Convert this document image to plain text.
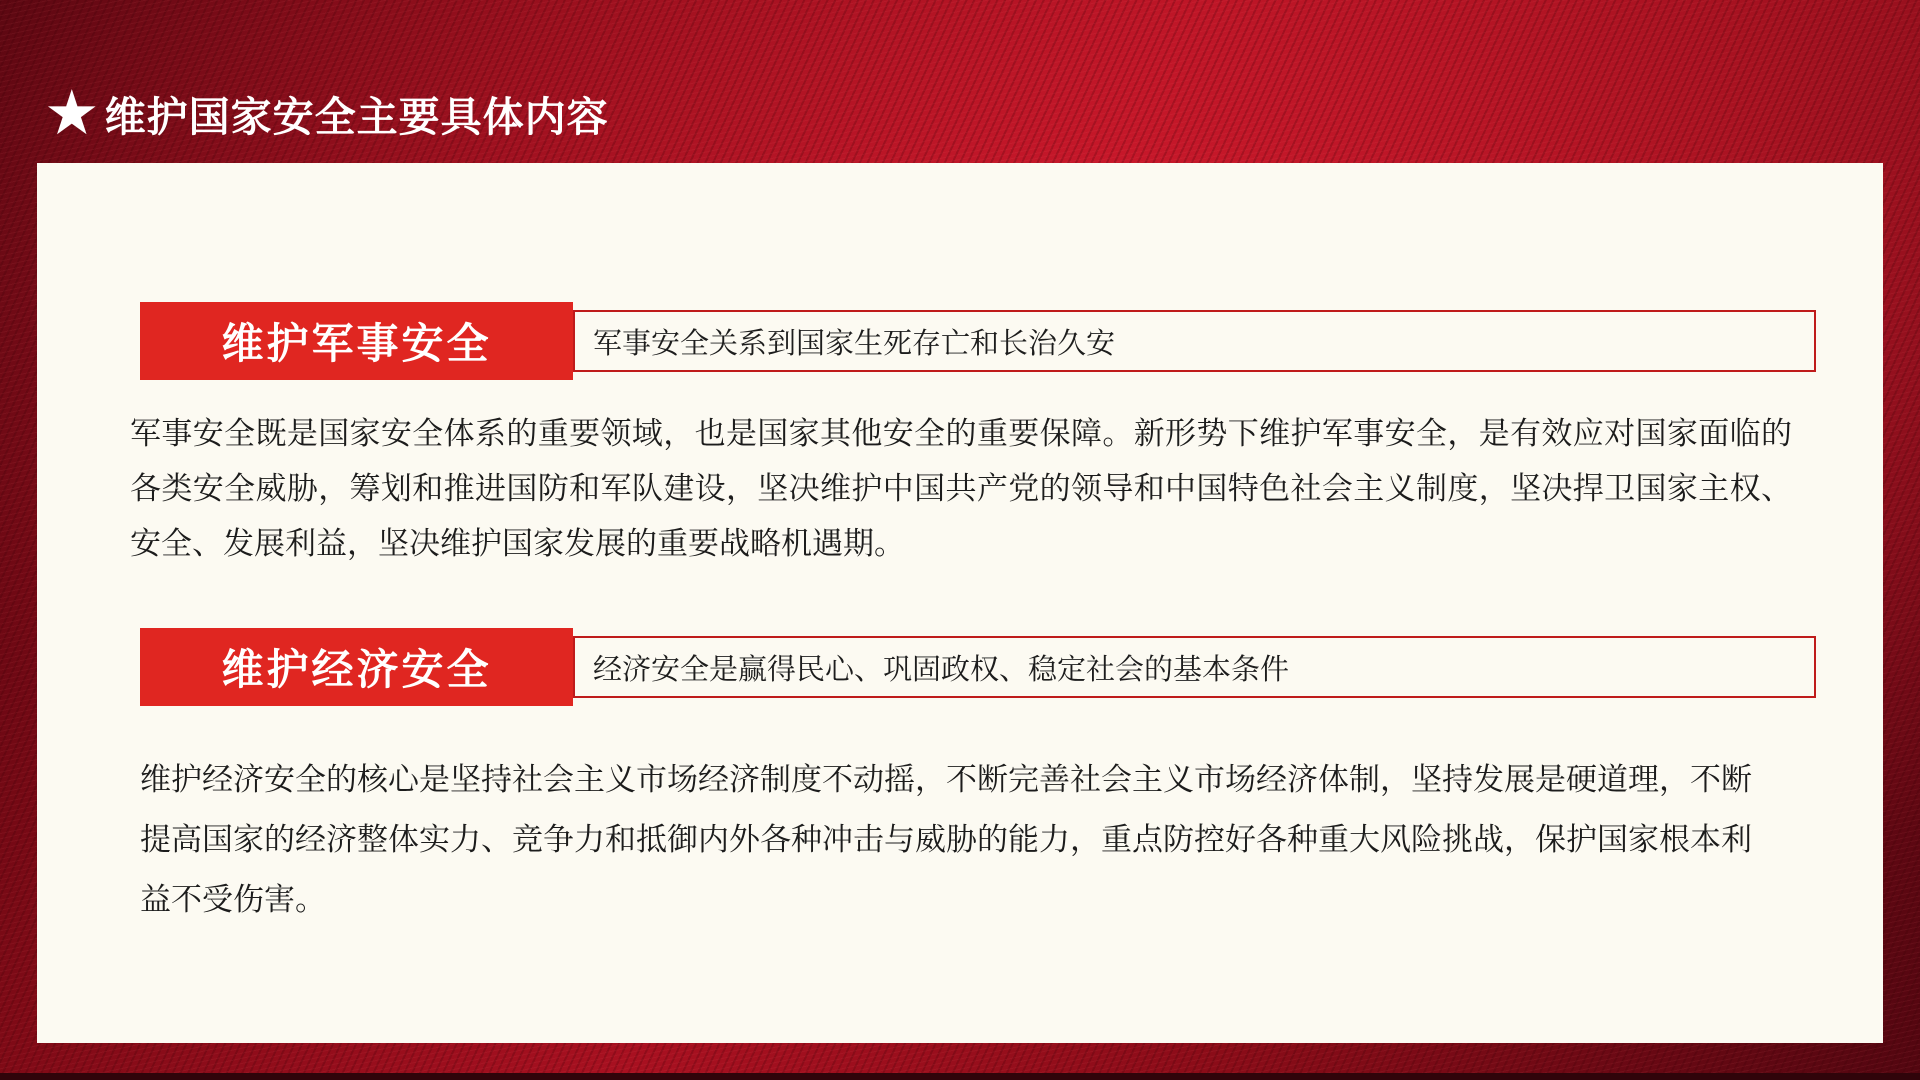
★ 维护国家安全主要具体内容
维护军事安全	军事安全关系到国家生死存亡和长治久安

军事安全既是国家安全体系的重要领域，也是国家其他安全的重要保障。新形势下维护军事安全，是有效应对国家面临的各类安全威胁，筹划和推进国防和军队建设，坚决维护中国共产党的领导和中国特色社会主义制度，坚决捍卫国家主权、安全、发展利益，坚决维护国家发展的重要战略机遇期。

维护经济安全	经济安全是赢得民心、巩固政权、稳定社会的基本条件

维护经济安全的核心是坚持社会主义市场经济制度不动摇，不断完善社会主义市场经济体制，坚持发展是硬道理，不断提高国家的经济整体实力、竞争力和抵御内外各种冲击与威胁的能力，重点防控好各种重大风险挑战，保护国家根本利益不受伤害。
